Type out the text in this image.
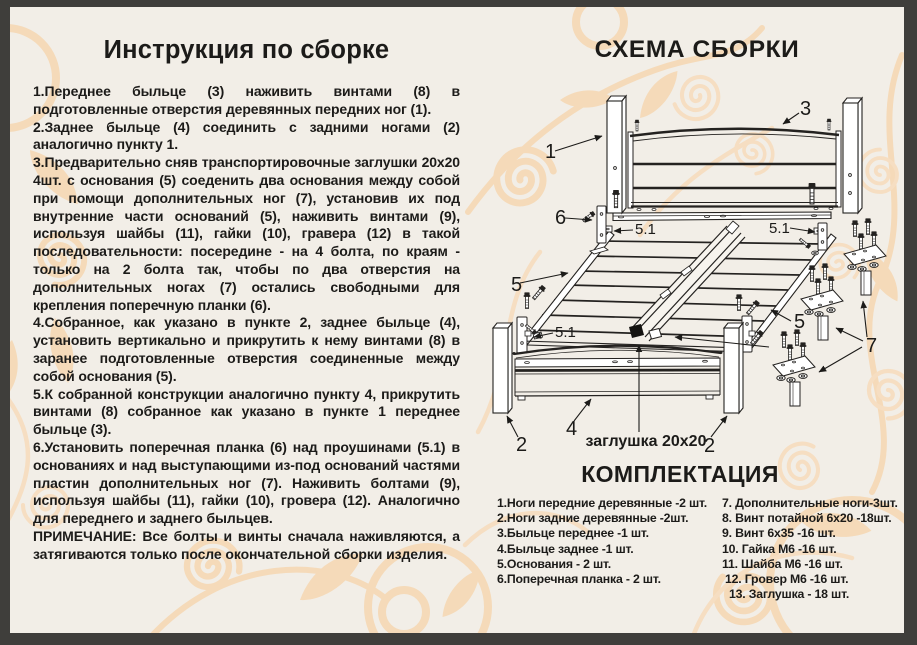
Инструкция по сборке

1.Переднее быльце (3) наживить винтами (8) в подготовленные отверстия деревянных передних ног (1).

2.Заднее быльце (4) соединить с задними ногами (2) аналогично пункту 1.

3.Предварительно сняв транспортировочные заглушки 20х20 4шт. с основания (5) соеденить два основания между собой при помощи дополнительных ног (7), установив их под внутренние части оснований (5), наживить винтами (9), используя шайбы (11), гайки (10), гравера (12) в такой последовательности: посередине - на 4 болта, по краям - только на 2 болта так, чтобы по два отверстия на дополнительных ногах (7) остались свободными для крепления поперечную планки (6).

4.Собранное, как указано в пункте 2, заднее быльце (4), установить вертикально и прикрутить к нему винтами (8) в заранее подготовленные отверстия соединенные между собой основания (5).

5.К собранной конструкции аналогично пункту 4, прикрутить винтами (8) собранное как указано в пункте 1 переднее быльце (3).

6.Установить поперечная планка (6) над проушинами (5.1) в основаниях и над выступающими из-под оснований частями пластин дополнительных ног (7). Наживить болтами (9), используя шайбы (11), гайки (10), гровера (12). Аналогично для переднего и заднего быльцев.

ПРИМЕЧАНИЕ: Все болты и винты сначала наживляются, а затягиваются только после окончательной сборки изделия.

СХЕМА СБОРКИ
1
3
6
5.1	5.1
5
5
5.1
2
4
2
заглушка 20х20
7
КОМПЛЕКТАЦИЯ
1.Ноги передние деревянные -2 шт.
2.Ноги задние деревянные -2шт.
3.Быльце переднее -1 шт.
4.Быльце заднее -1 шт.
5.Основания - 2 шт.
6.Поперечная планка - 2 шт.
7. Дополнительные ноги-3шт.
8. Винт потайной 6х20 -18шт.
9. Винт 6х35 -16 шт.
10. Гайка М6 -16 шт.
11. Шайба М6 -16 шт.
12. Гровер М6 -16 шт.
13. Заглушка - 18 шт.
